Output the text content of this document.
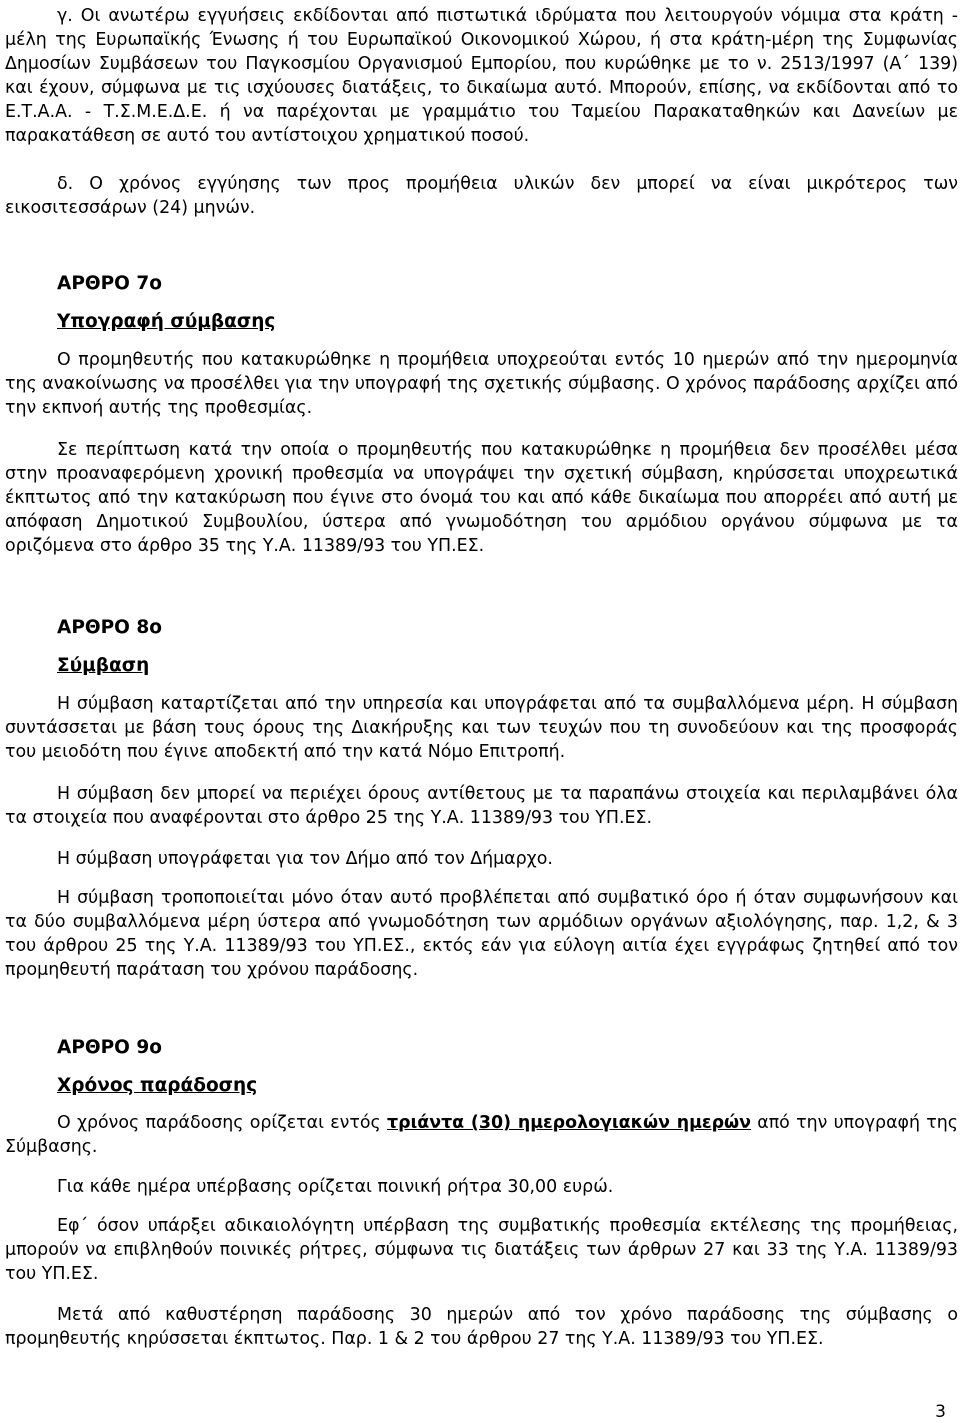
γ. Οι ανωτέρω εγγυήσεις εκδίδονται από πιστωτικά ιδρύματα που λειτουργούν νόμιμα στα κράτη - μέλη της Ευρωπαϊκής Ένωσης ή του Ευρωπαϊκού Οικονομικού Χώρου, ή στα κράτη-μέρη της Συμφωνίας Δημοσίων Συμβάσεων του Παγκοσμίου Οργανισμού Εμπορίου, που κυρώθηκε με το ν. 2513/1997 (Α΄ 139) και έχουν, σύμφωνα με τις ισχύουσες διατάξεις, το δικαίωμα αυτό. Μπορούν, επίσης, να εκδίδονται από το Ε.Τ.Α.Α. - Τ.Σ.Μ.Ε.Δ.Ε. ή να παρέχονται με γραμμάτιο του Ταμείου Παρακαταθηκών και Δανείων με παρακατάθεση σε αυτό του αντίστοιχου χρηματικού ποσού.

δ. Ο χρόνος εγγύησης των προς προμήθεια υλικών δεν μπορεί να είναι μικρότερος των εικοσιτεσσάρων (24) μηνών.

ΑΡΘΡΟ 7ο
Υπογραφή σύμβασης

Ο προμηθευτής που κατακυρώθηκε η προμήθεια υποχρεούται εντός 10 ημερών από την ημερομηνία της ανακοίνωσης να προσέλθει για την υπογραφή της σχετικής σύμβασης. Ο χρόνος παράδοσης αρχίζει από την εκπνοή αυτής της προθεσμίας.

Σε περίπτωση κατά την οποία ο προμηθευτής που κατακυρώθηκε η προμήθεια δεν προσέλθει μέσα στην προαναφερόμενη χρονική προθεσμία να υπογράψει την σχετική σύμβαση, κηρύσσεται υποχρεωτικά έκπτωτος από την κατακύρωση που έγινε στο όνομά του και από κάθε δικαίωμα που απορρέει από αυτή με απόφαση Δημοτικού Συμβουλίου, ύστερα από γνωμοδότηση του αρμόδιου οργάνου σύμφωνα με τα οριζόμενα στο άρθρο 35 της Υ.Α. 11389/93 του ΥΠ.ΕΣ.

ΑΡΘΡΟ 8ο
Σύμβαση

Η σύμβαση καταρτίζεται από την υπηρεσία και υπογράφεται από τα συμβαλλόμενα μέρη. Η σύμβαση συντάσσεται με βάση τους όρους της Διακήρυξης και των τευχών που τη συνοδεύουν και της προσφοράς του μειοδότη που έγινε αποδεκτή από την κατά Νόμο Επιτροπή.

Η σύμβαση δεν μπορεί να περιέχει όρους αντίθετους με τα παραπάνω στοιχεία και περιλαμβάνει όλα τα στοιχεία που αναφέρονται στο άρθρο 25 της Υ.Α. 11389/93 του ΥΠ.ΕΣ.

Η σύμβαση υπογράφεται για τον Δήμο από τον Δήμαρχο.

Η σύμβαση τροποποιείται μόνο όταν αυτό προβλέπεται από συμβατικό όρο ή όταν συμφωνήσουν και τα δύο συμβαλλόμενα μέρη ύστερα από γνωμοδότηση των αρμόδιων οργάνων αξιολόγησης, παρ. 1,2, & 3 του άρθρου 25 της Υ.Α. 11389/93 του ΥΠ.ΕΣ., εκτός εάν για εύλογη αιτία έχει εγγράφως ζητηθεί από τον προμηθευτή παράταση του χρόνου παράδοσης.

ΑΡΘΡΟ 9ο
Χρόνος παράδοσης

Ο χρόνος παράδοσης ορίζεται εντός τριάντα (30) ημερολογιακών ημερών από την υπογραφή της Σύμβασης.

Για κάθε ημέρα υπέρβασης ορίζεται ποινική ρήτρα 30,00 ευρώ.

Εφ΄ όσον υπάρξει αδικαιολόγητη υπέρβαση της συμβατικής προθεσμία εκτέλεσης της προμήθειας, μπορούν να επιβληθούν ποινικές ρήτρες, σύμφωνα τις διατάξεις των άρθρων 27 και 33 της Υ.Α. 11389/93 του ΥΠ.ΕΣ.

Μετά από καθυστέρηση παράδοσης 30 ημερών από τον χρόνο παράδοσης της σύμβασης ο προμηθευτής κηρύσσεται έκπτωτος. Παρ. 1 & 2 του άρθρου 27 της Υ.Α. 11389/93 του ΥΠ.ΕΣ.

3
